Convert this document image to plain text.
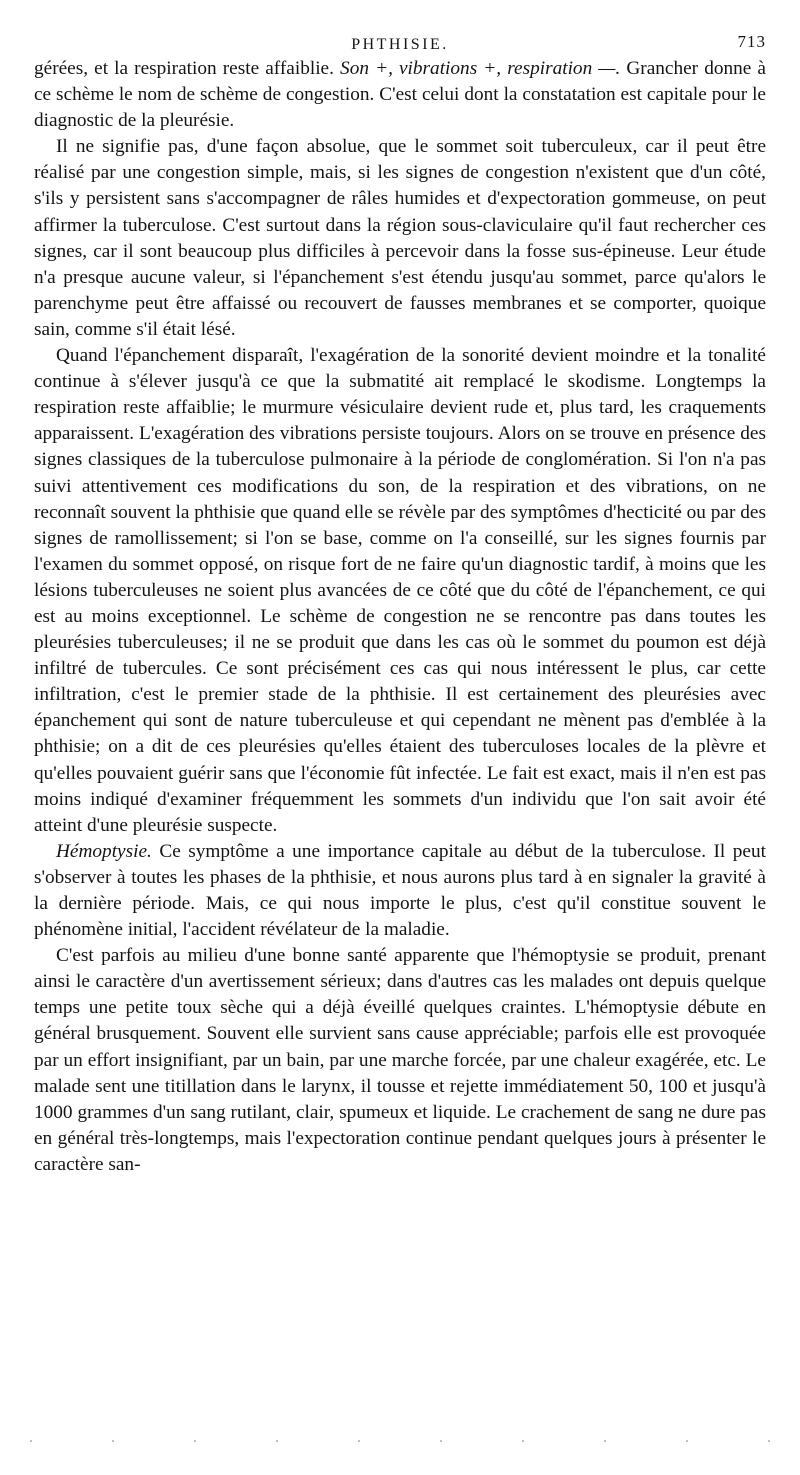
PHTHISIE.	713

gérées, et la respiration reste affaiblie. Son +, vibrations +, respiration —. Grancher donne à ce schème le nom de schème de congestion. C'est celui dont la constatation est capitale pour le diagnostic de la pleurésie.

Il ne signifie pas, d'une façon absolue, que le sommet soit tuberculeux, car il peut être réalisé par une congestion simple, mais, si les signes de congestion n'existent que d'un côté, s'ils y persistent sans s'accompagner de râles humides et d'expectoration gommeuse, on peut affirmer la tuberculose. C'est surtout dans la région sous-claviculaire qu'il faut rechercher ces signes, car il sont beaucoup plus difficiles à percevoir dans la fosse sus-épineuse. Leur étude n'a presque aucune valeur, si l'épanchement s'est étendu jusqu'au sommet, parce qu'alors le parenchyme peut être affaissé ou recouvert de fausses membranes et se comporter, quoique sain, comme s'il était lésé.

Quand l'épanchement disparaît, l'exagération de la sonorité devient moindre et la tonalité continue à s'élever jusqu'à ce que la submatité ait remplacé le skodisme. Longtemps la respiration reste affaiblie; le murmure vésiculaire devient rude et, plus tard, les craquements apparaissent. L'exagération des vibrations persiste toujours. Alors on se trouve en présence des signes classiques de la tuberculose pulmonaire à la période de conglomération. Si l'on n'a pas suivi attentivement ces modifications du son, de la respiration et des vibrations, on ne reconnaît souvent la phthisie que quand elle se révèle par des symptômes d'hecticité ou par des signes de ramollissement; si l'on se base, comme on l'a conseillé, sur les signes fournis par l'examen du sommet opposé, on risque fort de ne faire qu'un diagnostic tardif, à moins que les lésions tuberculeuses ne soient plus avancées de ce côté que du côté de l'épanchement, ce qui est au moins exceptionnel. Le schème de congestion ne se rencontre pas dans toutes les pleurésies tuberculeuses; il ne se produit que dans les cas où le sommet du poumon est déjà infiltré de tubercules. Ce sont précisément ces cas qui nous intéressent le plus, car cette infiltration, c'est le premier stade de la phthisie. Il est certainement des pleurésies avec épanchement qui sont de nature tuberculeuse et qui cependant ne mènent pas d'emblée à la phthisie; on a dit de ces pleurésies qu'elles étaient des tuberculoses locales de la plèvre et qu'elles pouvaient guérir sans que l'économie fût infectée. Le fait est exact, mais il n'en est pas moins indiqué d'examiner fréquemment les sommets d'un individu que l'on sait avoir été atteint d'une pleurésie suspecte.

Hémoptysie. Ce symptôme a une importance capitale au début de la tuberculose. Il peut s'observer à toutes les phases de la phthisie, et nous aurons plus tard à en signaler la gravité à la dernière période. Mais, ce qui nous importe le plus, c'est qu'il constitue souvent le phénomène initial, l'accident révélateur de la maladie.

C'est parfois au milieu d'une bonne santé apparente que l'hémoptysie se produit, prenant ainsi le caractère d'un avertissement sérieux; dans d'autres cas les malades ont depuis quelque temps une petite toux sèche qui a déjà éveillé quelques craintes. L'hémoptysie débute en général brusquement. Souvent elle survient sans cause appréciable; parfois elle est provoquée par un effort insignifiant, par un bain, par une marche forcée, par une chaleur exagérée, etc. Le malade sent une titillation dans le larynx, il tousse et rejette immédiatement 50, 100 et jusqu'à 1000 grammes d'un sang rutilant, clair, spumeux et liquide. Le crachement de sang ne dure pas en général très-longtemps, mais l'expectoration continue pendant quelques jours à présenter le caractère san-
